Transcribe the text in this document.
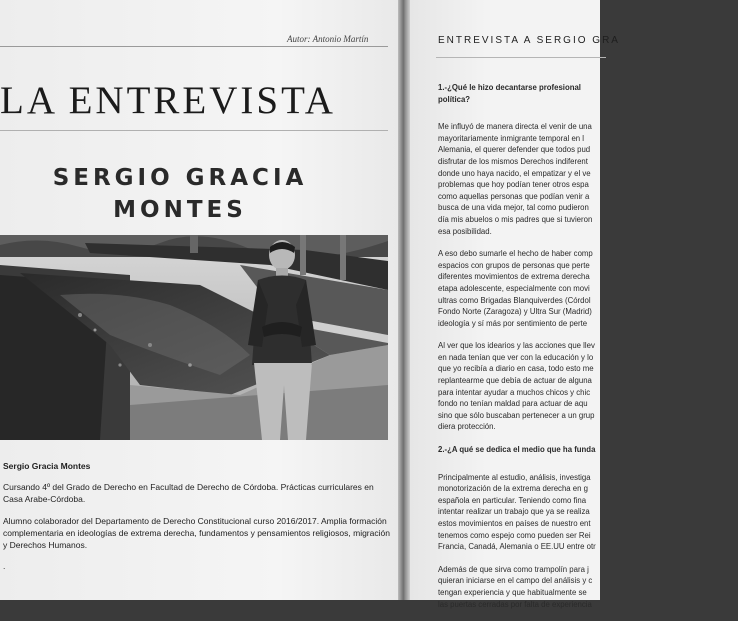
Autor: Antonio Martín
LA ENTREVISTA
SERGIO GRACIA
MONTES

Sergio Gracia Montes

Cursando 4º del Grado de Derecho en Facultad de Derecho de Córdoba. Prácticas curriculares en Casa Arabe-Córdoba.

Alumno colaborador del Departamento de Derecho Constitucional curso 2016/2017. Amplia formación complementaria en ideologías de extrema derecha, fundamentos y pensamientos religiosos, migración y Derechos Humanos.

.

ENTREVISTA A SERGIO GRA
1.-¿Qué le hizo decantarse profesional
política?

Me influyó de manera directa el venir de una
mayoritariamente inmigrante temporal en l
Alemania, el querer defender que todos pud
disfrutar de los mismos Derechos indiferent
donde uno haya nacido, el empatizar y el ve
problemas que hoy podían tener otros espa
como aquellas personas que podían venir a
busca de una vida mejor, tal como pudieron
día mis abuelos o mis padres que si tuvieron
esa posibilidad.

A eso debo sumarle el hecho de haber comp
espacios con grupos de personas que perte
diferentes movimientos de extrema derecha
etapa adolescente, especialmente con movi
ultras como Brigadas Blanquiverdes (Córdol
Fondo Norte (Zaragoza) y Ultra Sur (Madrid)
ideología y sí más por sentimiento de perte

Al ver que los idearios y las acciones que llev
en nada tenían que ver con la educación y lo
que yo recibía a diario en casa, todo esto me
replantearme que debía de actuar de alguna
para intentar ayudar a muchos chicos y chic
fondo no tenían maldad para actuar de aqu
sino que sólo buscaban pertenecer a un grup
diera protección.

2.-¿A qué se dedica el medio que ha funda

Principalmente al estudio, análisis, investiga
monotorización de la extrema derecha en g
española en particular. Teniendo como fina
intentar realizar un trabajo que ya se realiza
estos movimientos en países de nuestro ent
tenemos como espejo como pueden ser Rei
Francia, Canadá, Alemania o EE.UU entre otr

Además de que sirva como trampolín para j
quieran iniciarse en el campo del análisis y c
tengan experiencia y que habitualmente se
las puertas cerradas por falta de experiencia
